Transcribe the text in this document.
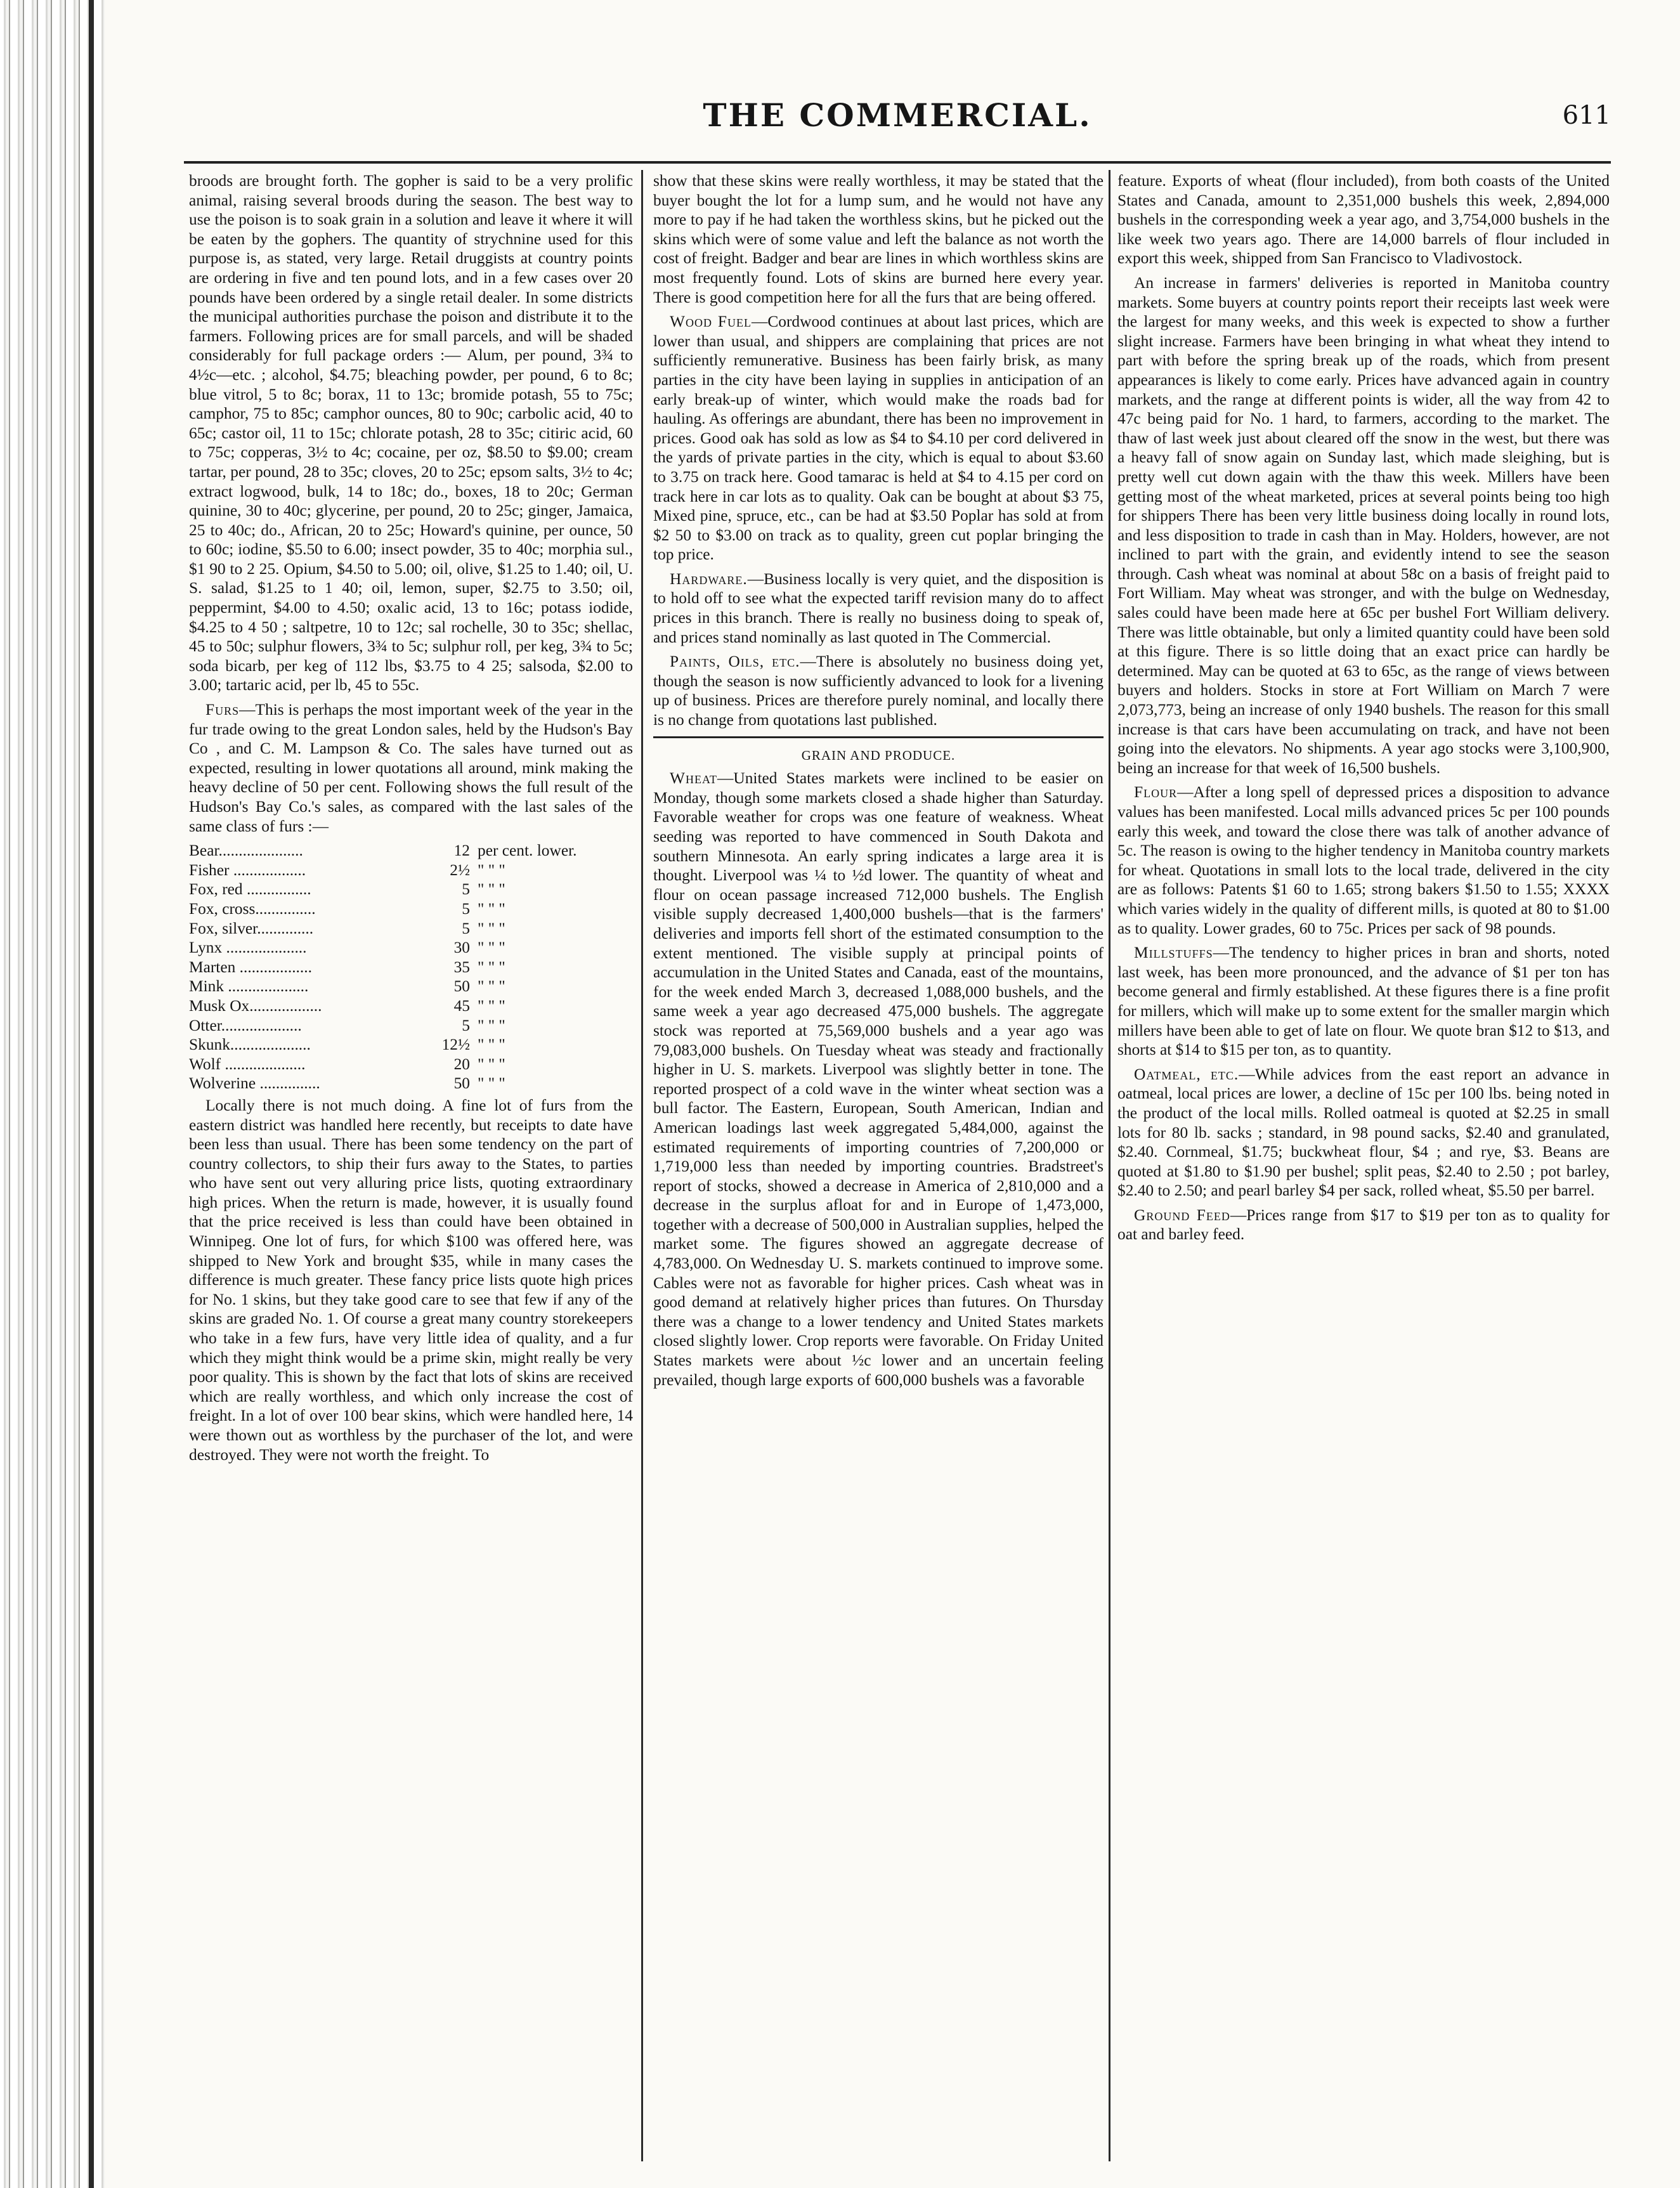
THE COMMERCIAL.	611

broods are brought forth. The gopher is said to be a very prolific animal, raising several broods during the season. The best way to use the poison is to soak grain in a solution and leave it where it will be eaten by the gophers. The quantity of strychnine used for this purpose is, as stated, very large. Retail druggists at country points are ordering in five and ten pound lots, and in a few cases over 20 pounds have been ordered by a single retail dealer. In some districts the municipal authorities purchase the poison and distribute it to the farmers. Following prices are for small parcels, and will be shaded considerably for full package orders :— Alum, per pound, 3¾ to 4½c—etc. ; alcohol, $4.75; bleaching powder, per pound, 6 to 8c; blue vitrol, 5 to 8c; borax, 11 to 13c; bromide potash, 55 to 75c; camphor, 75 to 85c; camphor ounces, 80 to 90c; carbolic acid, 40 to 65c; castor oil, 11 to 15c; chlorate potash, 28 to 35c; citiric acid, 60 to 75c; copperas, 3½ to 4c; cocaine, per oz, $8.50 to $9.00; cream tartar, per pound, 28 to 35c; cloves, 20 to 25c; epsom salts, 3½ to 4c; extract logwood, bulk, 14 to 18c; do., boxes, 18 to 20c; German quinine, 30 to 40c; glycerine, per pound, 20 to 25c; ginger, Jamaica, 25 to 40c; do., African, 20 to 25c; Howard's quinine, per ounce, 50 to 60c; iodine, $5.50 to 6.00; insect powder, 35 to 40c; morphia sul., $1 90 to 2 25. Opium, $4.50 to 5.00; oil, olive, $1.25 to 1.40; oil, U. S. salad, $1.25 to 1 40; oil, lemon, super, $2.75 to 3.50; oil, peppermint, $4.00 to 4.50; oxalic acid, 13 to 16c; potass iodide, $4.25 to 4 50 ; saltpetre, 10 to 12c; sal rochelle, 30 to 35c; shellac, 45 to 50c; sulphur flowers, 3¾ to 5c; sulphur roll, per keg, 3¾ to 5c; soda bicarb, per keg of 112 lbs, $3.75 to 4 25; salsoda, $2.00 to 3.00; tartaric acid, per lb, 45 to 55c.

Furs—This is perhaps the most important week of the year in the fur trade owing to the great London sales, held by the Hudson's Bay Co , and C. M. Lampson & Co. The sales have turned out as expected, resulting in lower quotations all around, mink making the heavy decline of 50 per cent. Following shows the full result of the Hudson's Bay Co.'s sales, as compared with the last sales of the same class of furs :—

Bear.....................	12	per cent. lower.
Fisher ..................	2½	" " "
Fox, red ................	5	" " "
Fox, cross...............	5	" " "
Fox, silver..............	5	" " "
Lynx ....................	30	" " "
Marten ..................	35	" " "
Mink ....................	50	" " "
Musk Ox..................	45	" " "
Otter....................	5	" " "
Skunk....................	12½	" " "
Wolf ....................	20	" " "
Wolverine ...............	50	" " "

Locally there is not much doing. A fine lot of furs from the eastern district was handled here recently, but receipts to date have been less than usual. There has been some tendency on the part of country collectors, to ship their furs away to the States, to parties who have sent out very alluring price lists, quoting extraordinary high prices. When the return is made, however, it is usually found that the price received is less than could have been obtained in Winnipeg. One lot of furs, for which $100 was offered here, was shipped to New York and brought $35, while in many cases the difference is much greater. These fancy price lists quote high prices for No. 1 skins, but they take good care to see that few if any of the skins are graded No. 1. Of course a great many country storekeepers who take in a few furs, have very little idea of quality, and a fur which they might think would be a prime skin, might really be very poor quality. This is shown by the fact that lots of skins are received which are really worthless, and which only increase the cost of freight. In a lot of over 100 bear skins, which were handled here, 14 were thown out as worthless by the purchaser of the lot, and were destroyed. They were not worth the freight. To

show that these skins were really worthless, it may be stated that the buyer bought the lot for a lump sum, and he would not have any more to pay if he had taken the worthless skins, but he picked out the skins which were of some value and left the balance as not worth the cost of freight. Badger and bear are lines in which worthless skins are most frequently found. Lots of skins are burned here every year. There is good competition here for all the furs that are being offered.

Wood Fuel—Cordwood continues at about last prices, which are lower than usual, and shippers are complaining that prices are not sufficiently remunerative. Business has been fairly brisk, as many parties in the city have been laying in supplies in anticipation of an early break-up of winter, which would make the roads bad for hauling. As offerings are abundant, there has been no improvement in prices. Good oak has sold as low as $4 to $4.10 per cord delivered in the yards of private parties in the city, which is equal to about $3.60 to 3.75 on track here. Good tamarac is held at $4 to 4.15 per cord on track here in car lots as to quality. Oak can be bought at about $3 75, Mixed pine, spruce, etc., can be had at $3.50 Poplar has sold at from $2 50 to $3.00 on track as to quality, green cut poplar bringing the top price.

Hardware.—Business locally is very quiet, and the disposition is to hold off to see what the expected tariff revision many do to affect prices in this branch. There is really no business doing to speak of, and prices stand nominally as last quoted in The Commercial.

Paints, Oils, etc.—There is absolutely no business doing yet, though the season is now sufficiently advanced to look for a livening up of business. Prices are therefore purely nominal, and locally there is no change from quotations last published.

GRAIN AND PRODUCE.

Wheat—United States markets were inclined to be easier on Monday, though some markets closed a shade higher than Saturday. Favorable weather for crops was one feature of weakness. Wheat seeding was reported to have commenced in South Dakota and southern Minnesota. An early spring indicates a large area it is thought. Liverpool was ¼ to ½d lower. The quantity of wheat and flour on ocean passage increased 712,000 bushels. The English visible supply decreased 1,400,000 bushels—that is the farmers' deliveries and imports fell short of the estimated consumption to the extent mentioned. The visible supply at principal points of accumulation in the United States and Canada, east of the mountains, for the week ended March 3, decreased 1,088,000 bushels, and the same week a year ago decreased 475,000 bushels. The aggregate stock was reported at 75,569,000 bushels and a year ago was 79,083,000 bushels. On Tuesday wheat was steady and fractionally higher in U. S. markets. Liverpool was slightly better in tone. The reported prospect of a cold wave in the winter wheat section was a bull factor. The Eastern, European, South American, Indian and American loadings last week aggregated 5,484,000, against the estimated requirements of importing countries of 7,200,000 or 1,719,000 less than needed by importing countries. Bradstreet's report of stocks, showed a decrease in America of 2,810,000 and a decrease in the surplus afloat for and in Europe of 1,473,000, together with a decrease of 500,000 in Australian supplies, helped the market some. The figures showed an aggregate decrease of 4,783,000. On Wednesday U. S. markets continued to improve some. Cables were not as favorable for higher prices. Cash wheat was in good demand at relatively higher prices than futures. On Thursday there was a change to a lower tendency and United States markets closed slightly lower. Crop reports were favorable. On Friday United States markets were about ½c lower and an uncertain feeling prevailed, though large exports of 600,000 bushels was a favorable

feature. Exports of wheat (flour included), from both coasts of the United States and Canada, amount to 2,351,000 bushels this week, 2,894,000 bushels in the corresponding week a year ago, and 3,754,000 bushels in the like week two years ago. There are 14,000 barrels of flour included in export this week, shipped from San Francisco to Vladivostock.

An increase in farmers' deliveries is reported in Manitoba country markets. Some buyers at country points report their receipts last week were the largest for many weeks, and this week is expected to show a further slight increase. Farmers have been bringing in what wheat they intend to part with before the spring break up of the roads, which from present appearances is likely to come early. Prices have advanced again in country markets, and the range at different points is wider, all the way from 42 to 47c being paid for No. 1 hard, to farmers, according to the market. The thaw of last week just about cleared off the snow in the west, but there was a heavy fall of snow again on Sunday last, which made sleighing, but is pretty well cut down again with the thaw this week. Millers have been getting most of the wheat marketed, prices at several points being too high for shippers There has been very little business doing locally in round lots, and less disposition to trade in cash than in May. Holders, however, are not inclined to part with the grain, and evidently intend to see the season through. Cash wheat was nominal at about 58c on a basis of freight paid to Fort William. May wheat was stronger, and with the bulge on Wednesday, sales could have been made here at 65c per bushel Fort William delivery. There was little obtainable, but only a limited quantity could have been sold at this figure. There is so little doing that an exact price can hardly be determined. May can be quoted at 63 to 65c, as the range of views between buyers and holders. Stocks in store at Fort William on March 7 were 2,073,773, being an increase of only 1940 bushels. The reason for this small increase is that cars have been accumulating on track, and have not been going into the elevators. No shipments. A year ago stocks were 3,100,900, being an increase for that week of 16,500 bushels.

Flour—After a long spell of depressed prices a disposition to advance values has been manifested. Local mills advanced prices 5c per 100 pounds early this week, and toward the close there was talk of another advance of 5c. The reason is owing to the higher tendency in Manitoba country markets for wheat. Quotations in small lots to the local trade, delivered in the city are as follows: Patents $1 60 to 1.65; strong bakers $1.50 to 1.55; XXXX which varies widely in the quality of different mills, is quoted at 80 to $1.00 as to quality. Lower grades, 60 to 75c. Prices per sack of 98 pounds.

Millstuffs—The tendency to higher prices in bran and shorts, noted last week, has been more pronounced, and the advance of $1 per ton has become general and firmly established. At these figures there is a fine profit for millers, which will make up to some extent for the smaller margin which millers have been able to get of late on flour. We quote bran $12 to $13, and shorts at $14 to $15 per ton, as to quantity.

Oatmeal, etc.—While advices from the east report an advance in oatmeal, local prices are lower, a decline of 15c per 100 lbs. being noted in the product of the local mills. Rolled oatmeal is quoted at $2.25 in small lots for 80 lb. sacks ; standard, in 98 pound sacks, $2.40 and granulated, $2.40. Cornmeal, $1.75; buckwheat flour, $4 ; and rye, $3. Beans are quoted at $1.80 to $1.90 per bushel; split peas, $2.40 to 2.50 ; pot barley, $2.40 to 2.50; and pearl barley $4 per sack, rolled wheat, $5.50 per barrel.

Ground Feed—Prices range from $17 to $19 per ton as to quality for oat and barley feed.
